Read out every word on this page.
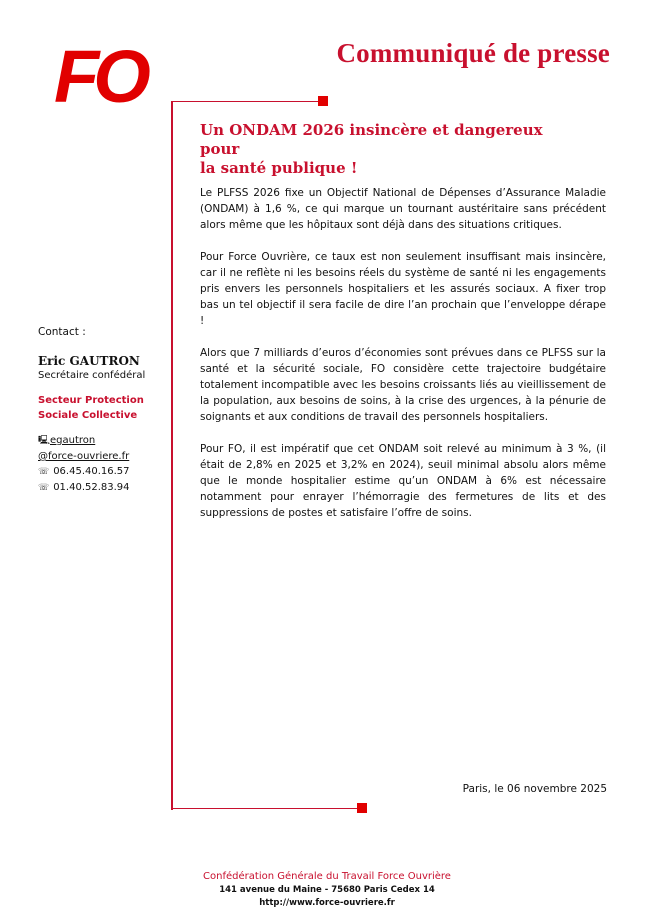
FO	Communiqué de presse
Un ONDAM 2026 insincère et dangereux pour
la santé publique !

Le PLFSS 2026 fixe un Objectif National de Dépenses d’Assurance Maladie (ONDAM) à 1,6 %, ce qui marque un tournant austéritaire sans précédent alors même que les hôpitaux sont déjà dans des situations critiques.

Pour Force Ouvrière, ce taux est non seulement insuffisant mais insincère, car il ne reflète ni les besoins réels du système de santé ni les engagements pris envers les personnels hospitaliers et les assurés sociaux. A fixer trop bas un tel objectif il sera facile de dire l’an prochain que l’enveloppe dérape !

Alors que 7 milliards d’euros d’économies sont prévues dans ce PLFSS sur la santé et la sécurité sociale, FO considère cette trajectoire budgétaire totalement incompatible avec les besoins croissants liés au vieillissement de la population, aux besoins de soins, à la crise des urgences, à la pénurie de soignants et aux conditions de travail des personnels hospitaliers.

Pour FO, il est impératif que cet ONDAM soit relevé au minimum à 3 %, (il était de 2,8% en 2025 et 3,2% en 2024), seuil minimal absolu alors même que le monde hospitalier estime qu’un ONDAM à 6% est nécessaire notamment pour enrayer l’hémorragie des fermetures de lits et des suppressions de postes et satisfaire l’offre de soins.

Contact :
Eric GAUTRON
Secrétaire confédéral
Secteur Protection
Sociale Collective
🖳egautron
@force-ouvriere.fr
☏ 06.45.40.16.57
☏ 01.40.52.83.94
Paris, le 06 novembre 2025
Confédération Générale du Travail Force Ouvrière
141 avenue du Maine - 75680 Paris Cedex 14
http://www.force-ouvriere.fr
